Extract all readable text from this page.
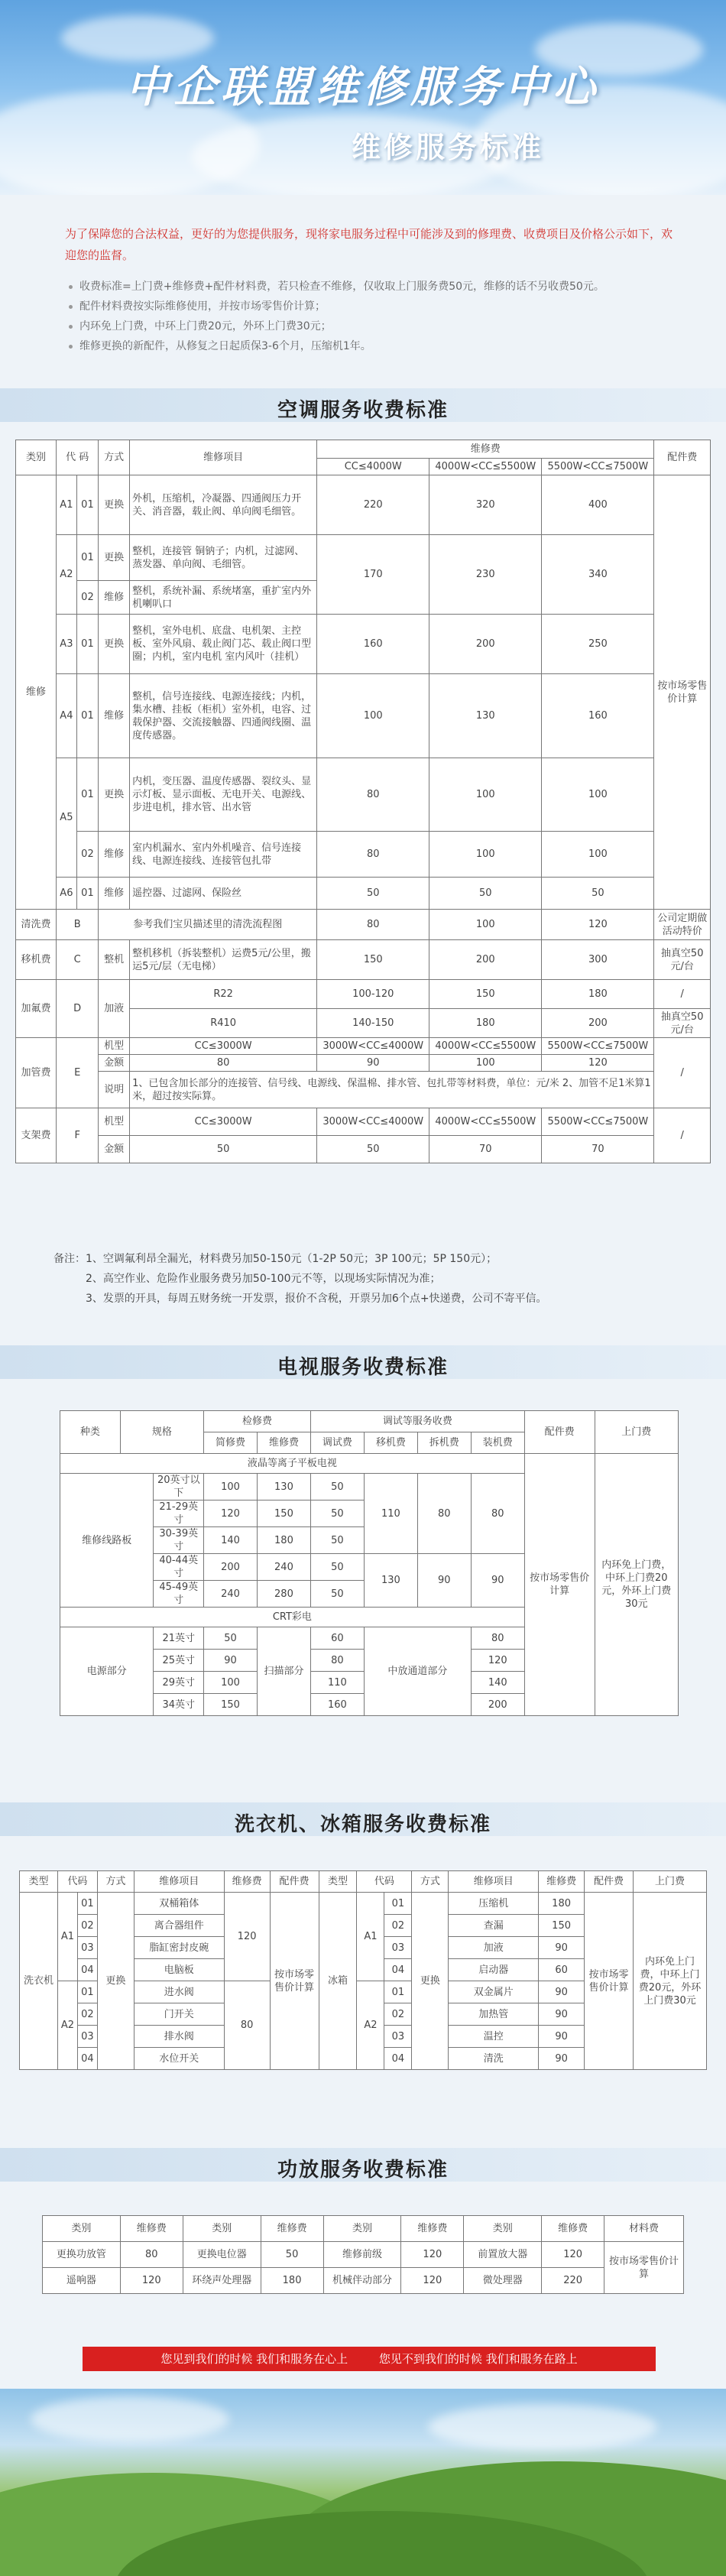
中企联盟维修服务中心
维修服务标准
为了保障您的合法权益，更好的为您提供服务，现将家电服务过程中可能涉及到的修理费、收费项目及价格公示如下，欢迎您的监督。
收费标准=上门费+维修费+配件材料费，若只检查不维修，仅收取上门服务费50元，维修的话不另收费50元。
配件材料费按实际维修使用，并按市场零售价计算；
内环免上门费，中环上门费20元，外环上门费30元；
维修更换的新配件，从修复之日起质保3-6个月，压缩机1年。
空调服务收费标准
类别	代 码		方式	维修项目	维修费			配件费
					CC≤4000W	4000W<CC≤5500W	5500W<CC≤7500W	
维修	A1	01	更换	外机，压缩机，冷凝器、四通阀压力开关、消音器，载止阀、单向阀毛细管。	220	320	400	按市场零售价计算
	A2	01	更换	整机，连接管 铜钠子；内机，过滤网、蒸发器、单向阀、毛细管。	170	230	340	
		02	维修	整机，系统补漏、系统堵塞，重扩室内外机喇叭口				
	A3	01	更换	整机，室外电机、底盘、电机架、主控板、室外风扇、载止阀门芯、载止阀口型圈；内机，室内电机 室内风叶（挂机）	160	200	250	
	A4	01	维修	整机，信号连接线、电源连接线；内机，集水槽、挂板（柜机）室外机，电容、过载保护器、交流接触器、四通阀线圈、温度传感器。	100	130	160	
	A5	01	更换	内机，变压器、温度传感器、裂纹头、显示灯板、显示面板、无电开关、电源线、步进电机，排水管、出水管	80	100	100	
		02	维修	室内机漏水、室内外机噪音、信号连接线、电源连接线、连接管包扎带	80	100	100	
	A6	01	维修	遥控器、过滤网、保险丝	50	50	50	

清洗费	B		参考我们宝贝描述里的清洗流程图		80	100	120	公司定期做活动特价
移机费	C		整机	整机移机（拆装整机）运费5元/公里，搬运5元/层（无电梯）	150	200	300	抽真空50元/台
加氟费	D		加液	R22	100-120	150	180	/
				R410	140-150	180	200	抽真空50元/台
加管费	E		机型	CC≤3000W	3000W<CC≤4000W	4000W<CC≤5500W	5500W<CC≤7500W	/
			金额	80	90	100	120	
			说明	1、已包含加长部分的连接管、信号线、电源线、保温棉、排水管、包扎带等材料费，单位：元/米 2、加管不足1米算1米，超过按实际算。				
支架费	F		机型	CC≤3000W	3000W<CC≤4000W	4000W<CC≤5500W	5500W<CC≤7500W	/
			金额	50	50	70	70	
备注：1、空调氟利昂全漏光，材料费另加50-150元（1-2P 50元；3P 100元；5P 150元）；
2、高空作业、危险作业服务费另加50-100元不等，以现场实际情况为准；
3、发票的开具，每周五财务统一开发票，报价不含税，开票另加6个点+快递费，公司不寄平信。
电视服务收费标准
种类	规格		检修费		调试等服务收费				配件费	上门费
			简修费	维修费	调试费	移机费	拆机费	装机费		
液晶等离子平板电视									按市场零售价计算	内环免上门费，中环上门费20元，外环上门费30元
维修线路板		20英寸以下	100	130	50	110	80	80		
		21-29英寸	120	150	50					
		30-39英寸	140	180	50					
		40-44英寸	200	240	50	130	90	90		
		45-49英寸	240	280	50					
CRT彩电										
电源部分		21英寸	50	扫描部分	60	中放通道部分		80		
		25英寸	90		80			120		
		29英寸	100		110			140		
		34英寸	150		160			200		
洗衣机、冰箱服务收费标准
类型	代码		方式	维修项目	维修费	配件费	类型	代码		方式	维修项目	维修费	配件费	上门费
洗衣机	A1	01	更换	双桶箱体	120	按市场零售价计算	冰箱	A1	01	更换	压缩机	180	按市场零售价计算	内环免上门费，中环上门费20元，外环上门费30元
		02		离合器组件					02		查漏	150		
		03		脂缸密封皮碗					03		加液	90		
		04		电脑板					04		启动器	60		
	A2	01		进水阀	80			A2	01		双金属片	90		
		02		门开关					02		加热管	90		
		03		排水阀					03		温控	90		
		04		水位开关					04		清洗	90		
功放服务收费标准
类别	维修费	类别	维修费	类别	维修费	类别	维修费	材料费
更换功放管	80	更换电位器	50	维修前级	120	前置放大器	120	按市场零售价计算
遥响器	120	环绕声处理器	180	机械伴动部分	120	微处理器	220	
您见到我们的时候 我们和服务在心上	您见不到我们的时候 我们和服务在路上
